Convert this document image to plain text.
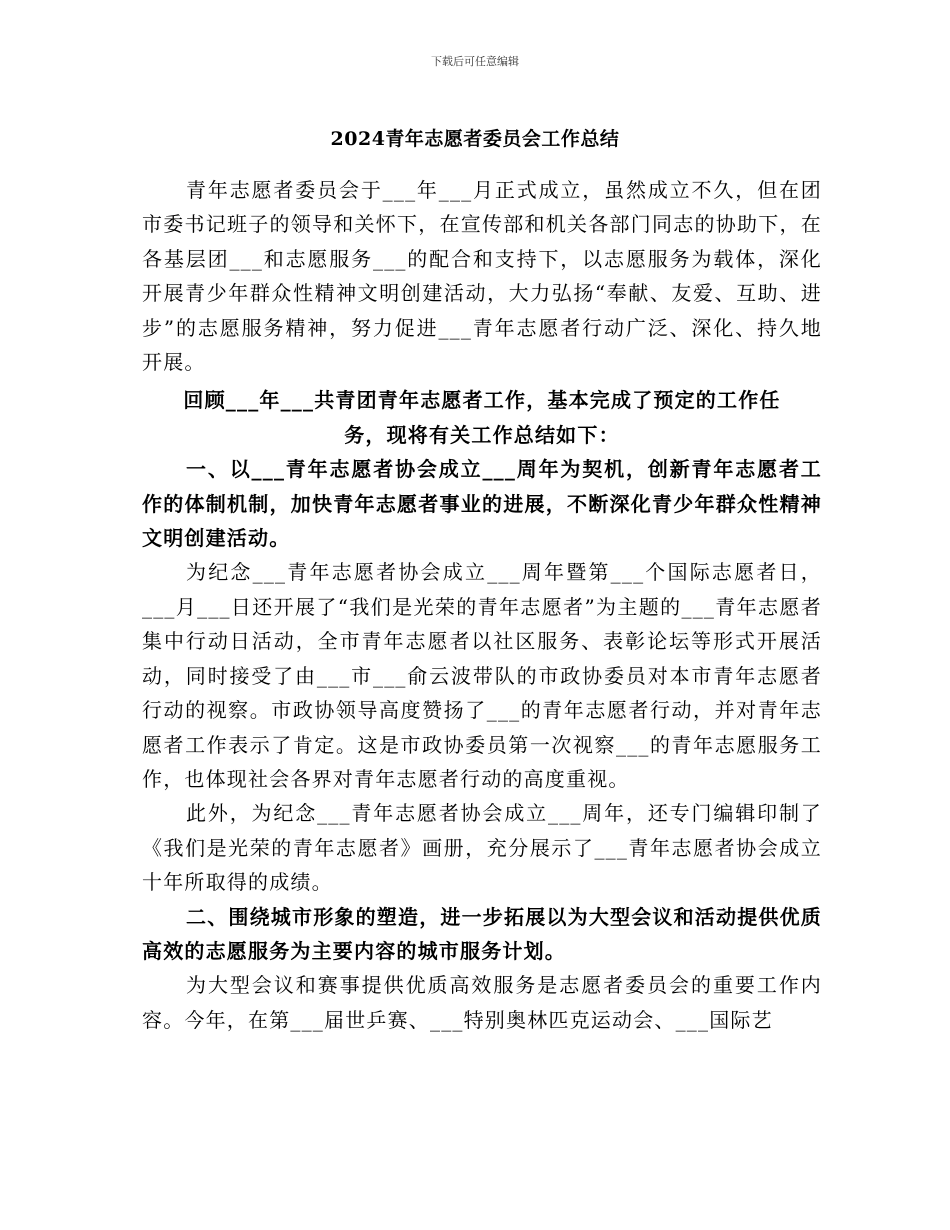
下载后可任意编辑
2024青年志愿者委员会工作总结

青年志愿者委员会于___年___月正式成立，虽然成立不久，但在团市委书记班子的领导和关怀下，在宣传部和机关各部门同志的协助下，在各基层团___和志愿服务___的配合和支持下，以志愿服务为载体，深化开展青少年群众性精神文明创建活动，大力弘扬“奉献、友爱、互助、进步”的志愿服务精神，努力促进___青年志愿者行动广泛、深化、持久地开展。

回顾___年___共青团青年志愿者工作，基本完成了预定的工作任务，现将有关工作总结如下：

一、以___青年志愿者协会成立___周年为契机，创新青年志愿者工作的体制机制，加快青年志愿者事业的进展，不断深化青少年群众性精神文明创建活动。

为纪念___青年志愿者协会成立___周年暨第___个国际志愿者日，___月___日还开展了“我们是光荣的青年志愿者”为主题的___青年志愿者集中行动日活动，全市青年志愿者以社区服务、表彰论坛等形式开展活动，同时接受了由___市___俞云波带队的市政协委员对本市青年志愿者行动的视察。市政协领导高度赞扬了___的青年志愿者行动，并对青年志愿者工作表示了肯定。这是市政协委员第一次视察___的青年志愿服务工作，也体现社会各界对青年志愿者行动的高度重视。

此外，为纪念___青年志愿者协会成立___周年，还专门编辑印制了《我们是光荣的青年志愿者》画册，充分展示了___青年志愿者协会成立十年所取得的成绩。

二、围绕城市形象的塑造，进一步拓展以为大型会议和活动提供优质高效的志愿服务为主要内容的城市服务计划。

为大型会议和赛事提供优质高效服务是志愿者委员会的重要工作内容。今年，在第___届世乒赛、___特别奥林匹克运动会、___国际艺
